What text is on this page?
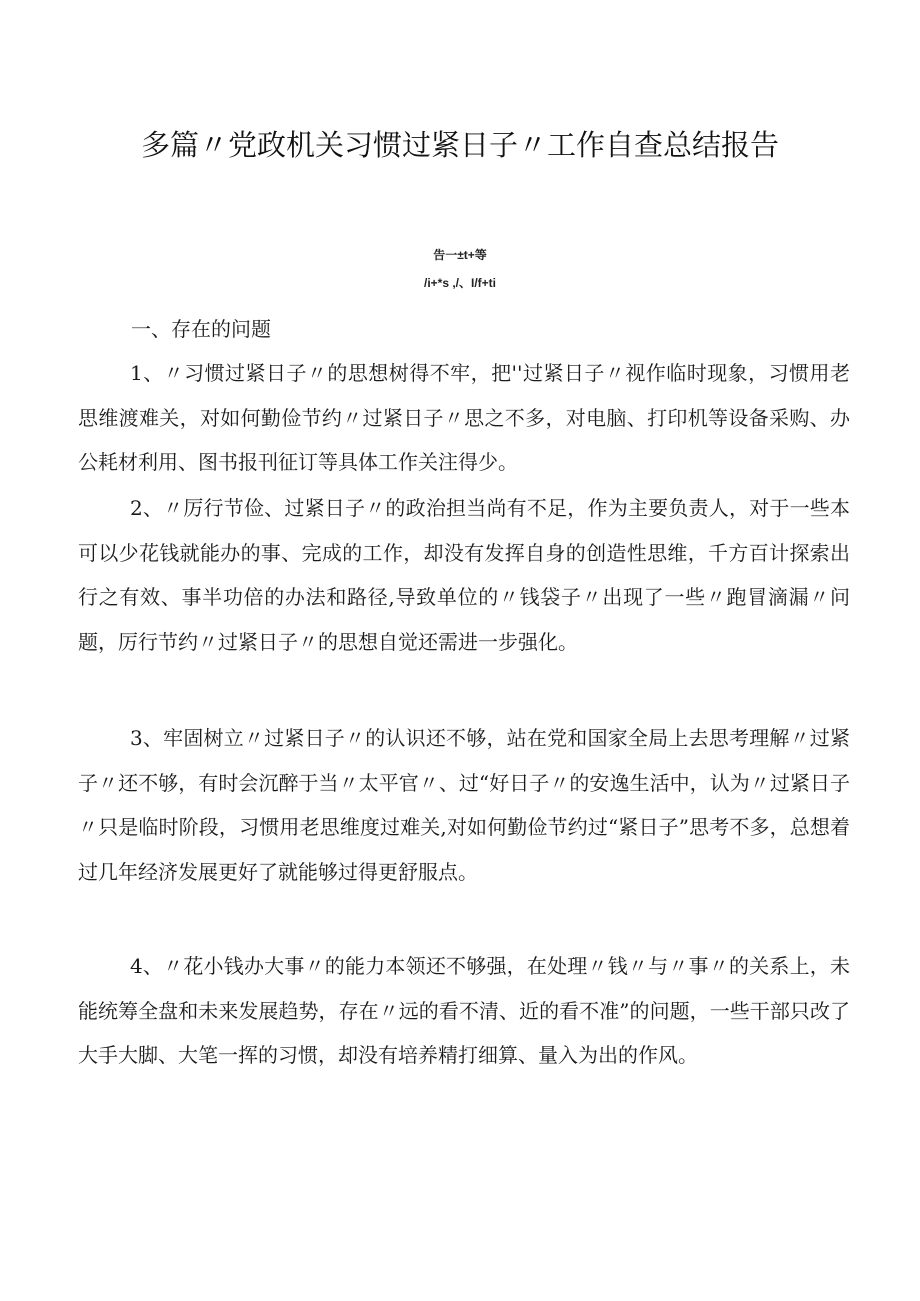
多篇〃党政机关习惯过紧日子〃工作自查总结报告
告一±t+等
/i+*s ,/、I/f+ti
一、存在的问题
1、〃习惯过紧日子〃的思想树得不牢，把''过紧日子〃视作临时现象，习惯用老思维渡难关，对如何勤俭节约〃过紧日子〃思之不多，对电脑、打印机等设备采购、办公耗材利用、图书报刊征订等具体工作关注得少。
2、〃厉行节俭、过紧日子〃的政治担当尚有不足，作为主要负责人，对于一些本可以少花钱就能办的事、完成的工作，却没有发挥自身的创造性思维，千方百计探索出行之有效、事半功倍的办法和路径,导致单位的〃钱袋子〃出现了一些〃跑冒滴漏〃问题，厉行节约〃过紧日子〃的思想自觉还需进一步强化。
3、牢固树立〃过紧日子〃的认识还不够，站在党和国家全局上去思考理解〃过紧子〃还不够，有时会沉醉于当〃太平官〃、过“好日子〃的安逸生活中，认为〃过紧日子〃只是临时阶段，习惯用老思维度过难关,对如何勤俭节约过“紧日子”思考不多，总想着过几年经济发展更好了就能够过得更舒服点。
4、〃花小钱办大事〃的能力本领还不够强，在处理〃钱〃与〃事〃的关系上，未能统筹全盘和未来发展趋势，存在〃远的看不清、近的看不准”的问题，一些干部只改了大手大脚、大笔一挥的习惯，却没有培养精打细算、量入为出的作风。
